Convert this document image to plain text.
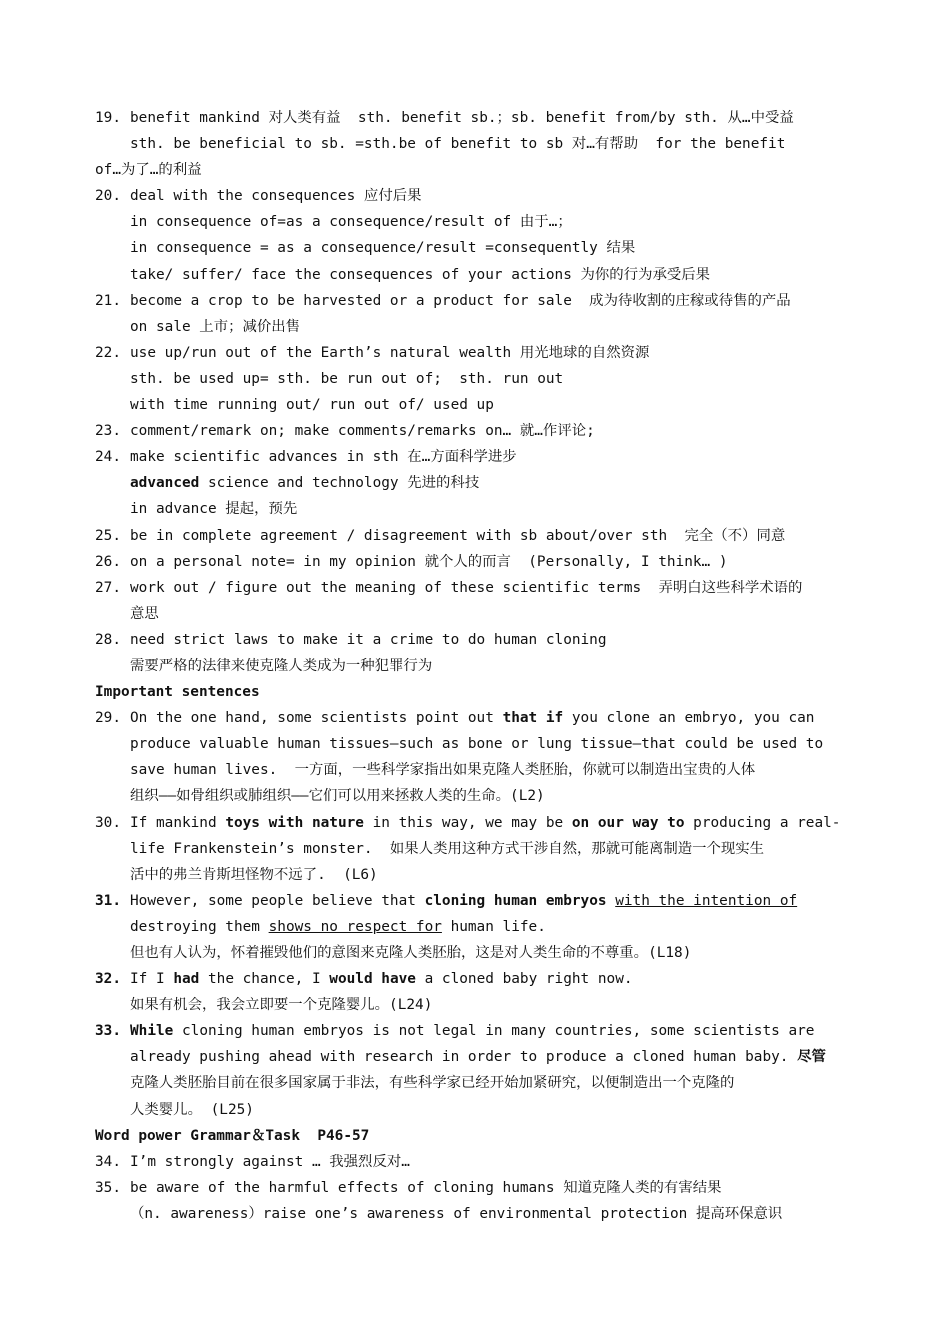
19. benefit mankind 对人类有益  sth. benefit sb.；sb. benefit from/by sth. 从…中受益
sth. be beneficial to sb. =sth.be of benefit to sb 对…有帮助  for the benefit
of…为了…的利益
20. deal with the consequences 应付后果
in consequence of=as a consequence/result of 由于…；
in consequence = as a consequence/result =consequently 结果
take/ suffer/ face the consequences of your actions 为你的行为承受后果
21. become a crop to be harvested or a product for sale  成为待收割的庄稼或待售的产品
on sale 上市；减价出售
22. use up/run out of the Earth’s natural wealth 用光地球的自然资源
sth. be used up= sth. be run out of;  sth. run out
with time running out/ run out of/ used up
23. comment/remark on; make comments/remarks on… 就…作评论;
24. make scientific advances in sth 在…方面科学进步
advanced science and technology 先进的科技
in advance 提起，预先
25. be in complete agreement / disagreement with sb about/over sth  完全（不）同意
26. on a personal note= in my opinion 就个人的而言  (Personally, I think… )
27. work out / figure out the meaning of these scientific terms  弄明白这些科学术语的
意思
28. need strict laws to make it a crime to do human cloning
需要严格的法律来使克隆人类成为一种犯罪行为
Important sentences
29. On the one hand, some scientists point out that if you clone an embryo, you can
produce valuable human tissues—such as bone or lung tissue—that could be used to
save human lives.  一方面，一些科学家指出如果克隆人类胚胎，你就可以制造出宝贵的人体
组织——如骨组织或肺组织——它们可以用来拯救人类的生命。(L2)
30. If mankind toys with nature in this way, we may be on our way to producing a real-
life Frankenstein’s monster.  如果人类用这种方式干涉自然，那就可能离制造一个现实生
活中的弗兰肯斯坦怪物不远了.  (L6)
31. However, some people believe that cloning human embryos with the intention of
destroying them shows no respect for human life.
但也有人认为，怀着摧毁他们的意图来克隆人类胚胎，这是对人类生命的不尊重。(L18)
32. If I had the chance, I would have a cloned baby right now.
如果有机会，我会立即要一个克隆婴儿。(L24)
33. While cloning human embryos is not legal in many countries, some scientists are
already pushing ahead with research in order to produce a cloned human baby. 尽管
克隆人类胚胎目前在很多国家属于非法，有些科学家已经开始加紧研究，以便制造出一个克隆的
人类婴儿。 (L25)
Word power Grammar＆Task  P46-57
34. I’m strongly against … 我强烈反对…
35. be aware of the harmful effects of cloning humans 知道克隆人类的有害结果
（n. awareness）raise one’s awareness of environmental protection 提高环保意识
